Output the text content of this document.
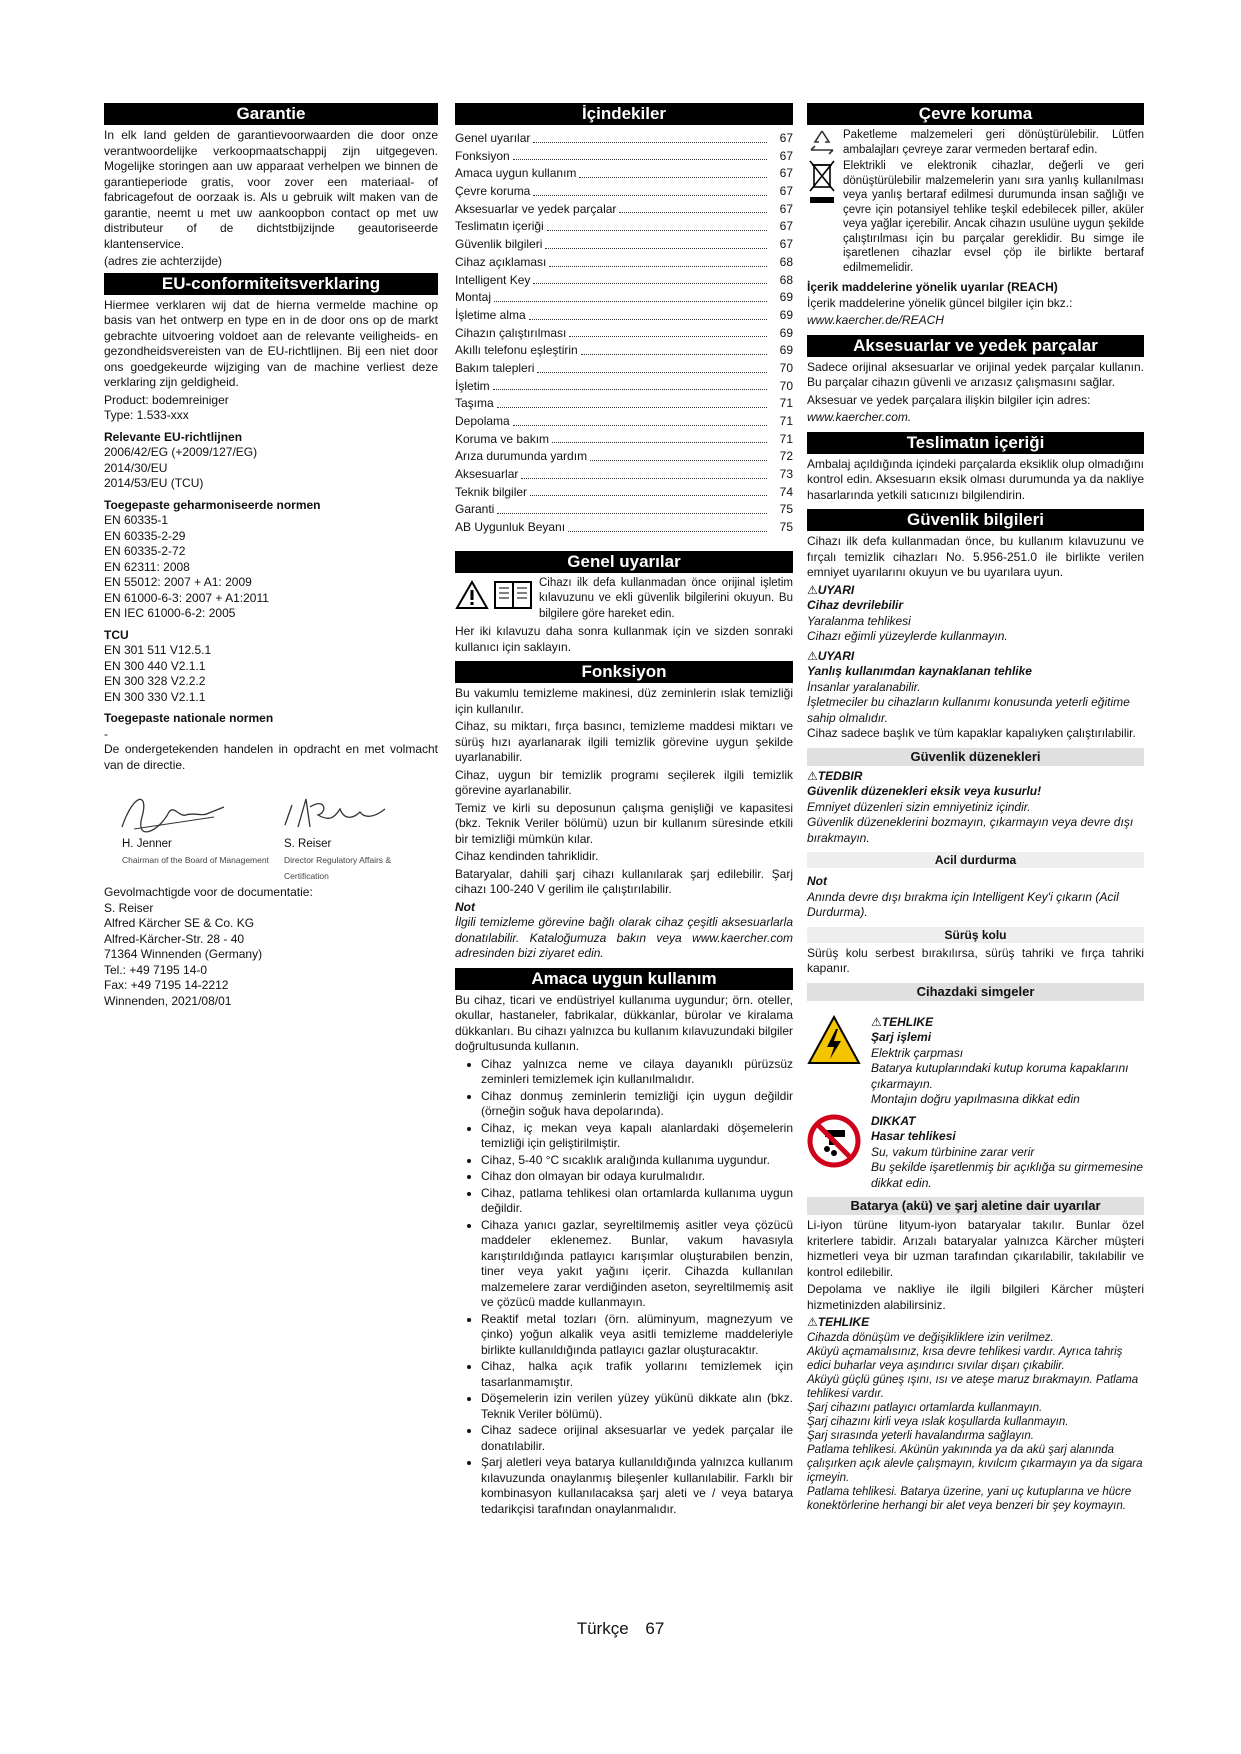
Garantie

In elk land gelden de garantievoorwaarden die door onze verantwoordelijke verkoopmaatschappij zijn uitgegeven. Mogelijke storingen aan uw apparaat verhelpen we binnen de garantieperiode gratis, voor zover een materiaal- of fabricagefout de oorzaak is. Als u gebruik wilt maken van de garantie, neemt u met uw aankoopbon contact op met uw distributeur of de dichtstbijzijnde geautoriseerde klantenservice.

(adres zie achterzijde)

EU-conformiteitsverklaring

Hiermee verklaren wij dat de hierna vermelde machine op basis van het ontwerp en type en in de door ons op de markt gebrachte uitvoering voldoet aan de relevante veiligheids- en gezondheidsvereisten van de EU-richtlijnen. Bij een niet door ons goedgekeurde wijziging van de machine verliest deze verklaring zijn geldigheid.

Product: bodemreiniger
Type: 1.533-xxx
Relevante EU-richtlijnen
2006/42/EG (+2009/127/EG)
2014/30/EU
2014/53/EU (TCU)
Toegepaste geharmoniseerde normen
EN 60335-1
EN 60335-2-29
EN 60335-2-72
EN 62311: 2008
EN 55012: 2007 + A1: 2009
EN 61000-6-3: 2007 + A1:2011
EN IEC 61000-6-2: 2005
TCU
EN 301 511 V12.5.1
EN 300 440 V2.1.1
EN 300 328 V2.2.2
EN 300 330 V2.1.1
Toegepaste nationale normen
-

De ondergetekenden handelen in opdracht en met volmacht van de directie.

H. Jenner
Chairman of the Board of Management
S. Reiser
Director Regulatory Affairs & Certification
Gevolmachtigde voor de documentatie:
S. Reiser
Alfred Kärcher SE & Co. KG
Alfred-Kärcher-Str. 28 - 40
71364 Winnenden (Germany)
Tel.: +49 7195 14-0
Fax: +49 7195 14-2212
Winnenden, 2021/08/01
İçindekiler
Genel uyarılar	67
Fonksiyon	67
Amaca uygun kullanım	67
Çevre koruma	67
Aksesuarlar ve yedek parçalar	67
Teslimatın içeriği	67
Güvenlik bilgileri	67
Cihaz açıklaması	68
Intelligent Key	68
Montaj	69
İşletime alma	69
Cihazın çalıştırılması	69
Akıllı telefonu eşleştirin	69
Bakım talepleri	70
İşletim	70
Taşıma	71
Depolama	71
Koruma ve bakım	71
Arıza durumunda yardım	72
Aksesuarlar	73
Teknik bilgiler	74
Garanti	75
AB Uygunluk Beyanı	75
Genel uyarılar

Cihazı ilk defa kullanmadan önce orijinal işletim kılavuzunu ve ekli güvenlik bilgilerini okuyun. Bu bilgilere göre hareket edin.

Her iki kılavuzu daha sonra kullanmak için ve sizden sonraki kullanıcı için saklayın.

Fonksiyon

Bu vakumlu temizleme makinesi, düz zeminlerin ıslak temizliği için kullanılır.

Cihaz, su miktarı, fırça basıncı, temizleme maddesi miktarı ve sürüş hızı ayarlanarak ilgili temizlik görevine uygun şekilde uyarlanabilir.

Cihaz, uygun bir temizlik programı seçilerek ilgili temizlik görevine ayarlanabilir.

Temiz ve kirli su deposunun çalışma genişliği ve kapasitesi (bkz. Teknik Veriler bölümü) uzun bir kullanım süresinde etkili bir temizliği mümkün kılar.

Cihaz kendinden tahriklidir.

Bataryalar, dahili şarj cihazı kullanılarak şarj edilebilir. Şarj cihazı 100-240 V gerilim ile çalıştırılabilir.

Not

İlgili temizleme görevine bağlı olarak cihaz çeşitli aksesuarlarla donatılabilir. Kataloğumuza bakın veya www.kaercher.com adresinden bizi ziyaret edin.

Amaca uygun kullanım

Bu cihaz, ticari ve endüstriyel kullanıma uygundur; örn. oteller, okullar, hastaneler, fabrikalar, dükkanlar, bürolar ve kiralama dükkanları. Bu cihazı yalnızca bu kullanım kılavuzundaki bilgiler doğrultusunda kullanın.

• Cihaz yalnızca neme ve cilaya dayanıklı pürüzsüz zeminleri temizlemek için kullanılmalıdır.
• Cihaz donmuş zeminlerin temizliği için uygun değildir (örneğin soğuk hava depolarında).
• Cihaz, iç mekan veya kapalı alanlardaki döşemelerin temizliği için geliştirilmiştir.
• Cihaz, 5-40 °C sıcaklık aralığında kullanıma uygundur.
• Cihaz don olmayan bir odaya kurulmalıdır.
• Cihaz, patlama tehlikesi olan ortamlarda kullanıma uygun değildir.
• Cihaza yanıcı gazlar, seyreltilmemiş asitler veya çözücü maddeler eklenemez. Bunlar, vakum havasıyla karıştırıldığında patlayıcı karışımlar oluşturabilen benzin, tiner veya yakıt yağını içerir. Cihazda kullanılan malzemelere zarar verdiğinden aseton, seyreltilmemiş asit ve çözücü madde kullanmayın.
• Reaktif metal tozları (örn. alüminyum, magnezyum ve çinko) yoğun alkalik veya asitli temizleme maddeleriyle birlikte kullanıldığında patlayıcı gazlar oluşturacaktır.
• Cihaz, halka açık trafik yollarını temizlemek için tasarlanmamıştır.
• Döşemelerin izin verilen yüzey yükünü dikkate alın (bkz. Teknik Veriler bölümü).
• Cihaz sadece orijinal aksesuarlar ve yedek parçalar ile donatılabilir.
• Şarj aletleri veya batarya kullanıldığında yalnızca kullanım kılavuzunda onaylanmış bileşenler kullanılabilir. Farklı bir kombinasyon kullanılacaksa şarj aleti ve / veya batarya tedarikçisi tarafından onaylanmalıdır.
Çevre koruma

Paketleme malzemeleri geri dönüştürülebilir. Lütfen ambalajları çevreye zarar vermeden bertaraf edin.

Elektrikli ve elektronik cihazlar, değerli ve geri dönüştürülebilir malzemelerin yanı sıra yanlış kullanılması veya yanlış bertaraf edilmesi durumunda insan sağlığı ve çevre için potansiyel tehlike teşkil edebilecek piller, aküler veya yağlar içerebilir. Ancak cihazın usulüne uygun şekilde çalıştırılması için bu parçalar gereklidir. Bu simge ile işaretlenen cihazlar evsel çöp ile birlikte bertaraf edilmemelidir.

İçerik maddelerine yönelik uyarılar (REACH)

İçerik maddelerine yönelik güncel bilgiler için bkz.:

www.kaercher.de/REACH

Aksesuarlar ve yedek parçalar

Sadece orijinal aksesuarlar ve orijinal yedek parçalar kullanın. Bu parçalar cihazın güvenli ve arızasız çalışmasını sağlar.

Aksesuar ve yedek parçalara ilişkin bilgiler için adres:

www.kaercher.com.

Teslimatın içeriği

Ambalaj açıldığında içindeki parçalarda eksiklik olup olmadığını kontrol edin. Aksesuarın eksik olması durumunda ya da nakliye hasarlarında yetkili satıcınızı bilgilendirin.

Güvenlik bilgileri

Cihazı ilk defa kullanmadan önce, bu kullanım kılavuzunu ve fırçalı temizlik cihazları No. 5.956-251.0 ile birlikte verilen emniyet uyarılarını okuyun ve bu uyarılara uyun.

⚠UYARI
Cihaz devrilebilir
Yaralanma tehlikesi
Cihazı eğimli yüzeylerde kullanmayın.
⚠UYARI
Yanlış kullanımdan kaynaklanan tehlike
İnsanlar yaralanabilir.
İşletmeciler bu cihazların kullanımı konusunda yeterli eğitime sahip olmalıdır.

Cihaz sadece başlık ve tüm kapaklar kapalıyken çalıştırılabilir.

Güvenlik düzenekleri
⚠TEDBIR
Güvenlik düzenekleri eksik veya kusurlu!
Emniyet düzenleri sizin emniyetiniz içindir.
Güvenlik düzeneklerini bozmayın, çıkarmayın veya devre dışı bırakmayın.
Acil durdurma
Not
Anında devre dışı bırakma için Intelligent Key'i çıkarın (Acil Durdurma).
Sürüş kolu

Sürüş kolu serbest bırakılırsa, sürüş tahriki ve fırça tahriki kapanır.

Cihazdaki simgeler
⚠TEHLIKE
Şarj işlemi
Elektrik çarpması
Batarya kutuplarındaki kutup koruma kapaklarını çıkarmayın.
Montajın doğru yapılmasına dikkat edin
DIKKAT
Hasar tehlikesi
Su, vakum türbinine zarar verir
Bu şekilde işaretlenmiş bir açıklığa su girmemesine dikkat edin.
Batarya (akü) ve şarj aletine dair uyarılar

Li-iyon türüne lityum-iyon bataryalar takılır. Bunlar özel kriterlere tabidir. Arızalı bataryalar yalnızca Kärcher müşteri hizmetleri veya bir uzman tarafından çıkarılabilir, takılabilir ve kontrol edilebilir.

Depolama ve nakliye ile ilgili bilgileri Kärcher müşteri hizmetinizden alabilirsiniz.

⚠TEHLIKE
Cihazda dönüşüm ve değişikliklere izin verilmez.
Aküyü açmamalısınız, kısa devre tehlikesi vardır. Ayrıca tahriş edici buharlar veya aşındırıcı sıvılar dışarı çıkabilir.
Aküyü güçlü güneş ışını, ısı ve ateşe maruz bırakmayın. Patlama tehlikesi vardır.
Şarj cihazını patlayıcı ortamlarda kullanmayın.
Şarj cihazını kirli veya ıslak koşullarda kullanmayın.
Şarj sırasında yeterli havalandırma sağlayın.
Patlama tehlikesi. Akünün yakınında ya da akü şarj alanında çalışırken açık alevle çalışmayın, kıvılcım çıkarmayın ya da sigara içmeyin.
Patlama tehlikesi. Batarya üzerine, yani uç kutuplarına ve hücre konektörlerine herhangi bir alet veya benzeri bir şey koymayın.
Türkçe 67
